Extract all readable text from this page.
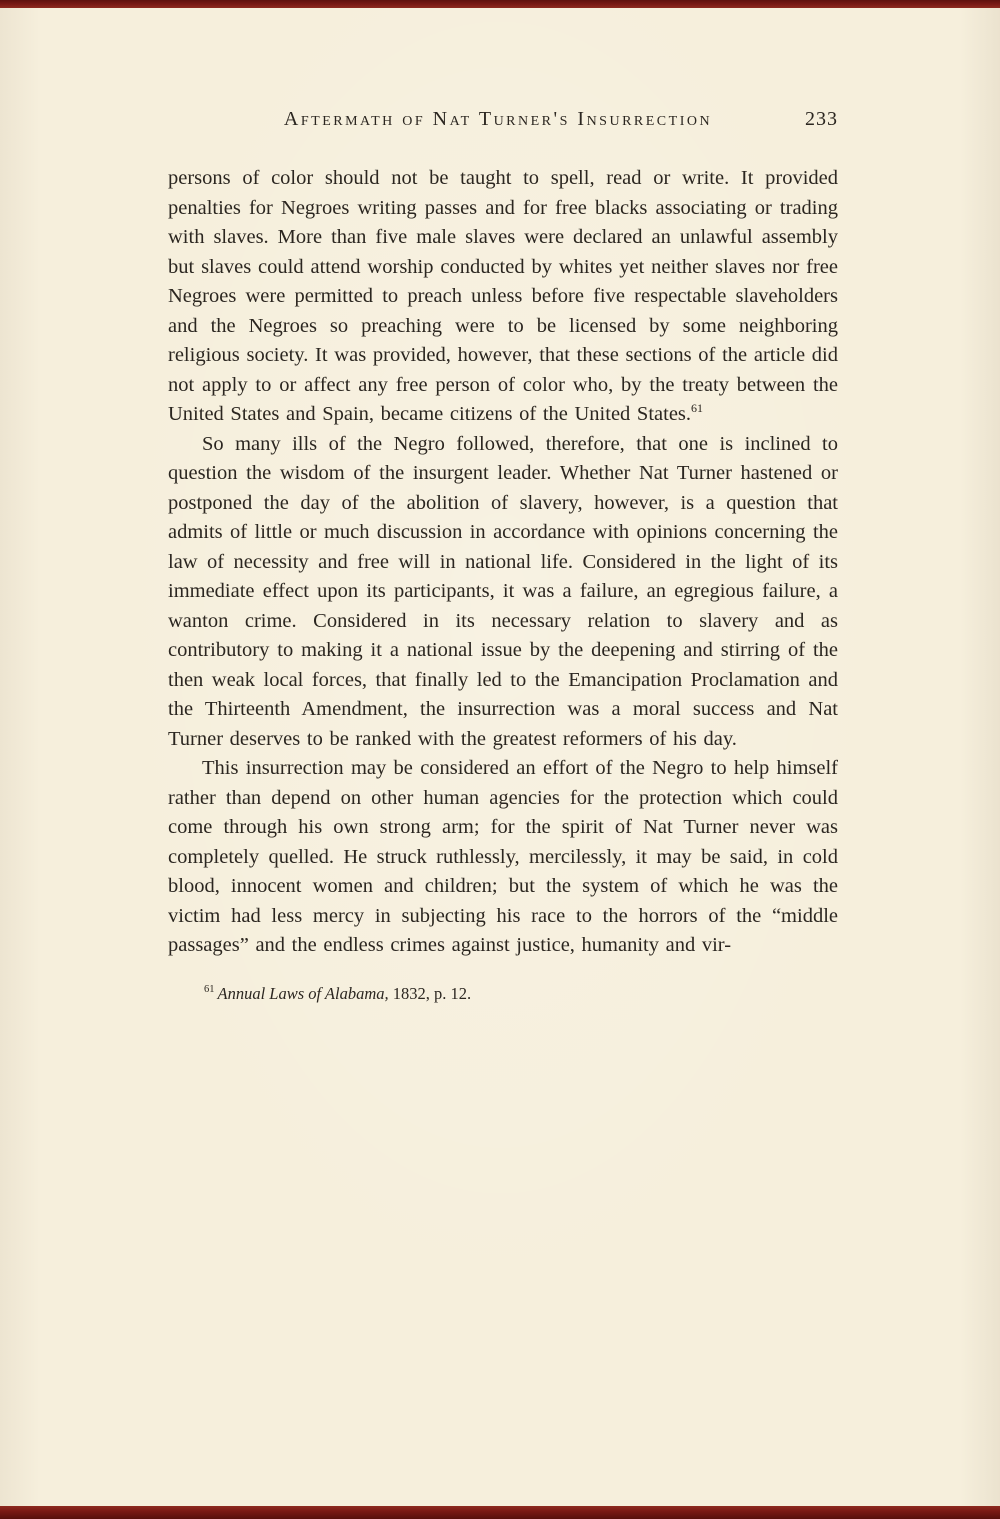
Aftermath of Nat Turner's Insurrection	233

persons of color should not be taught to spell, read or write. It provided penalties for Negroes writing passes and for free blacks associating or trading with slaves. More than five male slaves were declared an unlawful assembly but slaves could attend worship conducted by whites yet neither slaves nor free Negroes were permitted to preach unless before five respectable slaveholders and the Negroes so preaching were to be licensed by some neighboring religious society. It was provided, however, that these sections of the article did not apply to or affect any free person of color who, by the treaty between the United States and Spain, became citizens of the United States.$^{61}$

So many ills of the Negro followed, therefore, that one is inclined to question the wisdom of the insurgent leader. Whether Nat Turner hastened or postponed the day of the abolition of slavery, however, is a question that admits of little or much discussion in accordance with opinions concerning the law of necessity and free will in national life. Considered in the light of its immediate effect upon its participants, it was a failure, an egregious failure, a wanton crime. Considered in its necessary relation to slavery and as contributory to making it a national issue by the deepening and stirring of the then weak local forces, that finally led to the Emancipation Proclamation and the Thirteenth Amendment, the insurrection was a moral success and Nat Turner deserves to be ranked with the greatest reformers of his day.

This insurrection may be considered an effort of the Negro to help himself rather than depend on other human agencies for the protection which could come through his own strong arm; for the spirit of Nat Turner never was completely quelled. He struck ruthlessly, mercilessly, it may be said, in cold blood, innocent women and children; but the system of which he was the victim had less mercy in subjecting his race to the horrors of the “middle passages” and the endless crimes against justice, humanity and vir-

$^{61}$ Annual Laws of Alabama, 1832, p. 12.
